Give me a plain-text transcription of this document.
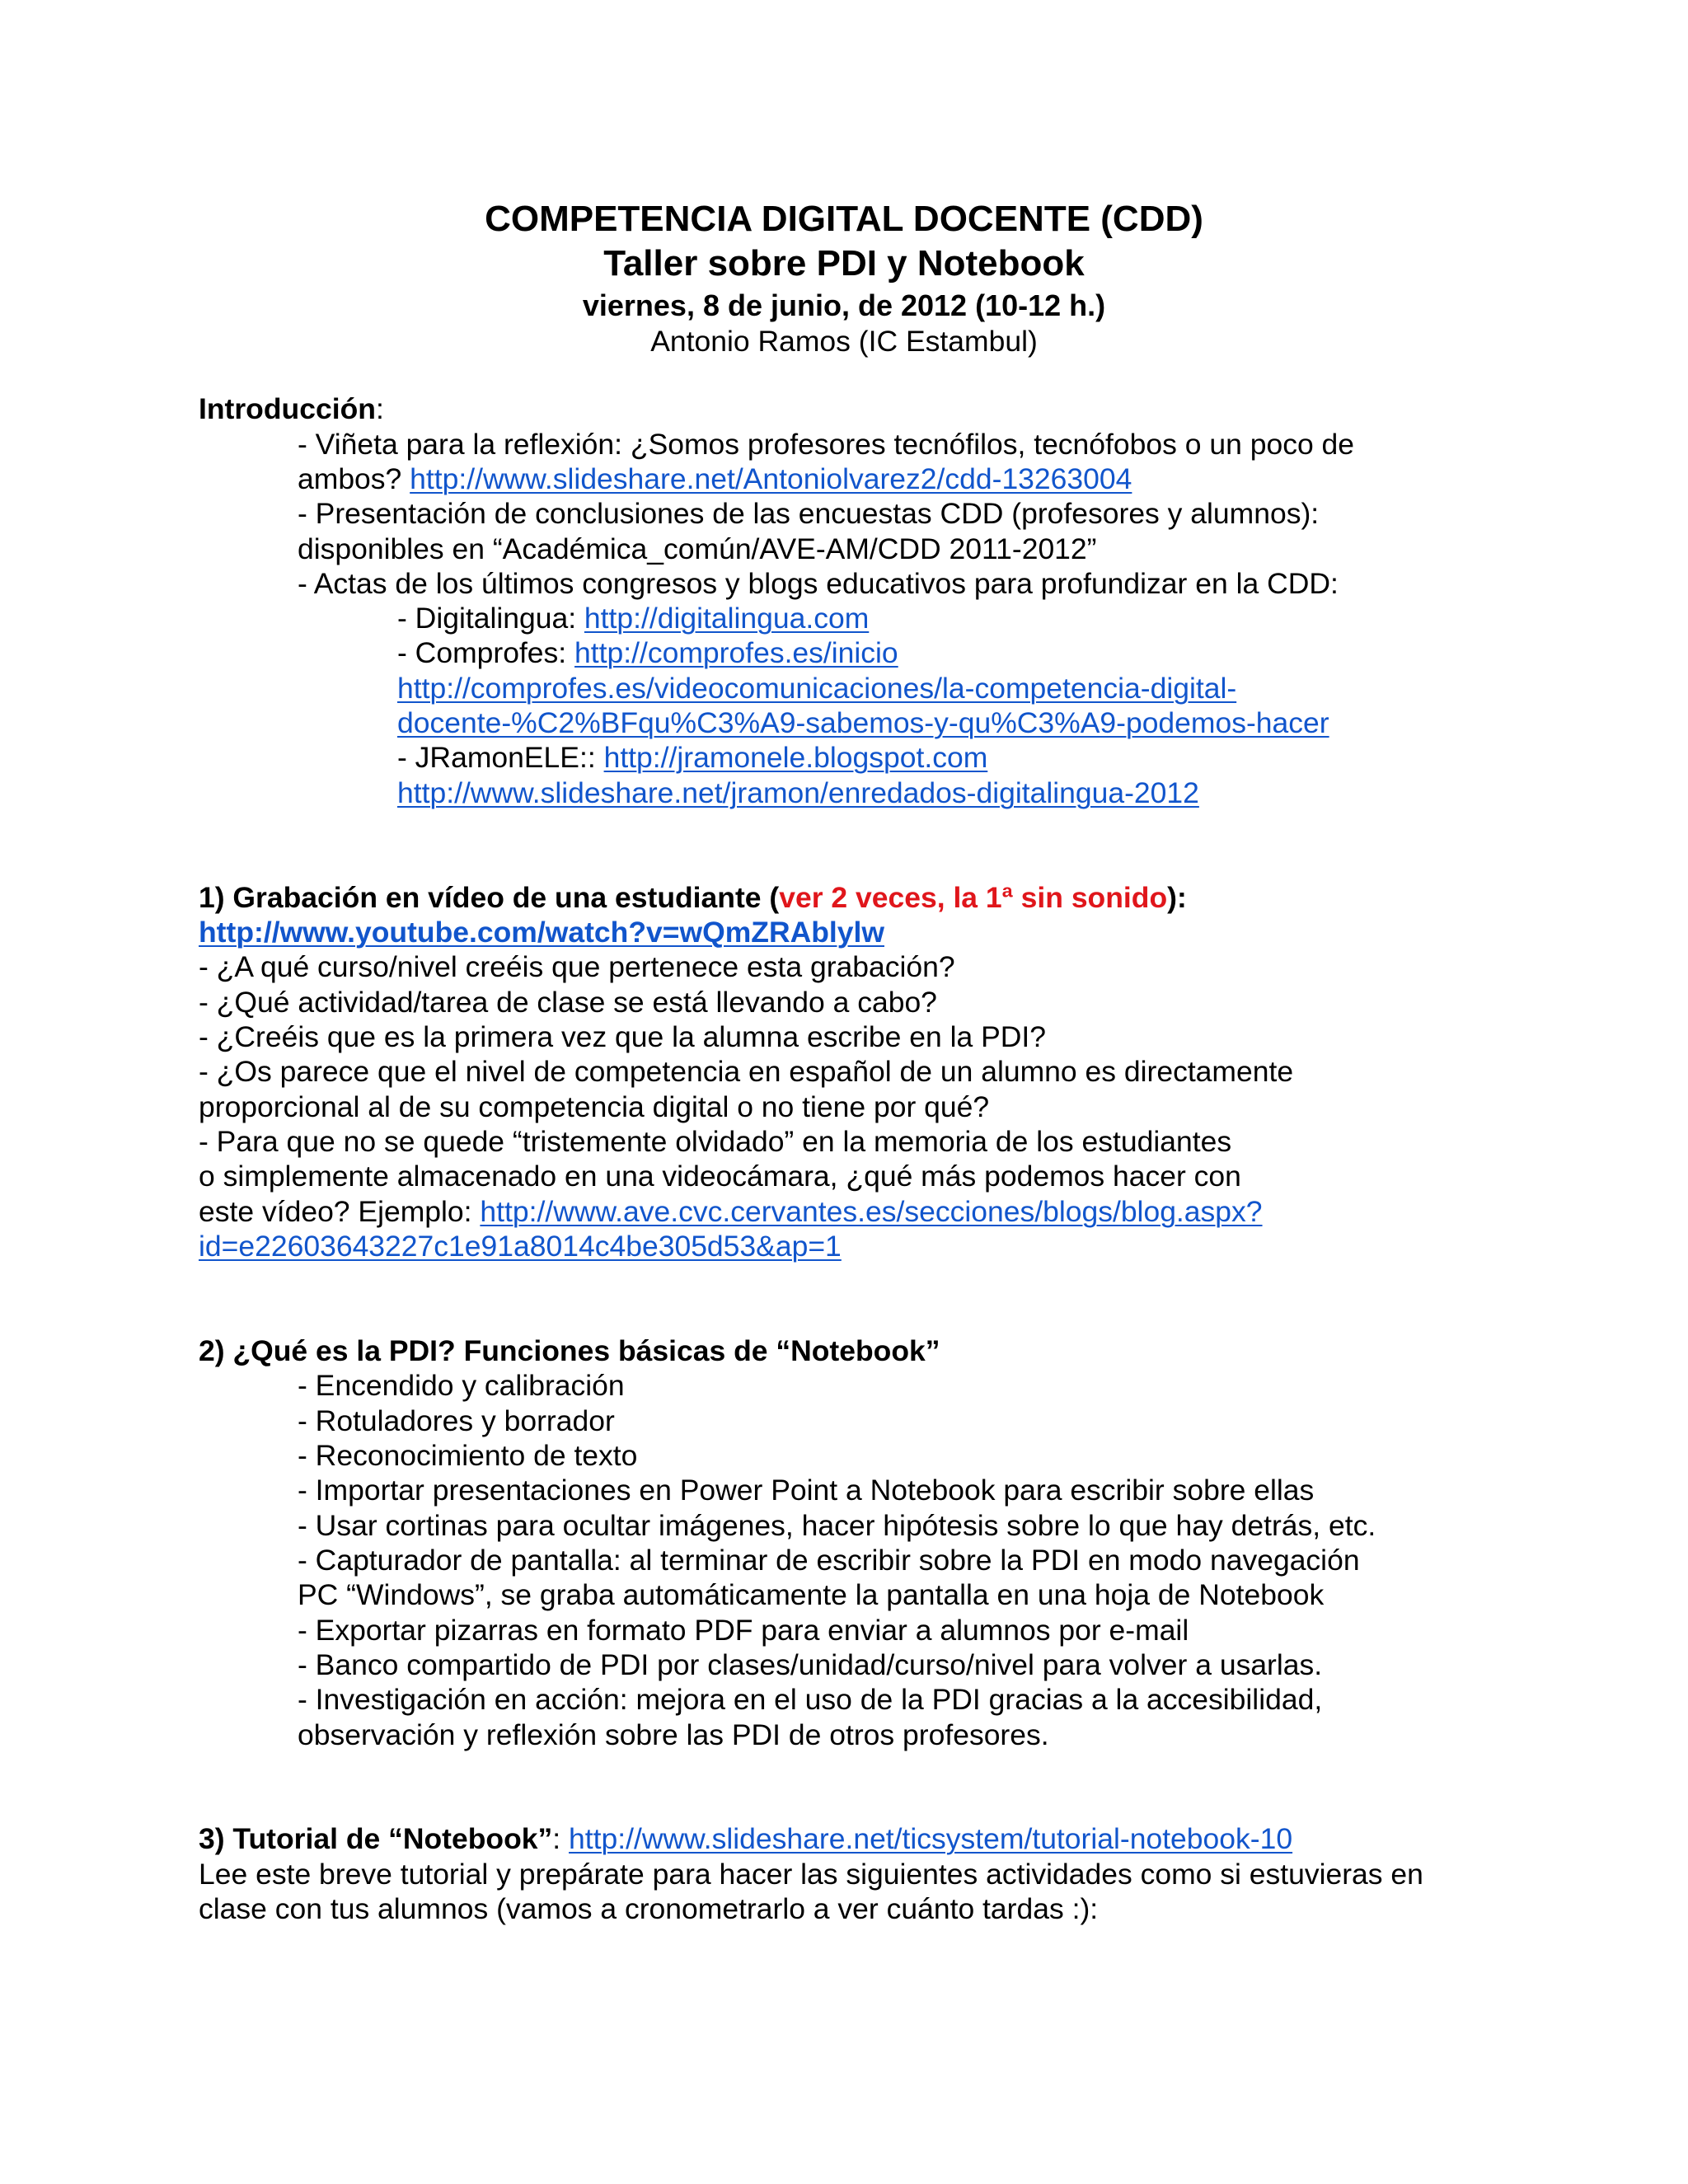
COMPETENCIA DIGITAL DOCENTE (CDD)
Taller sobre PDI y Notebook
viernes, 8 de junio, de 2012 (10-12 h.)
Antonio Ramos (IC Estambul)
Introducción:
- Viñeta para la reflexión: ¿Somos profesores tecnófilos, tecnófobos o un poco de
ambos? http://www.slideshare.net/Antoniolvarez2/cdd-13263004
- Presentación de conclusiones de las encuestas CDD (profesores y alumnos):
disponibles en “Académica_común/AVE-AM/CDD 2011-2012”
- Actas de los últimos congresos y blogs educativos para profundizar en la CDD:
- Digitalingua: http://digitalingua.com
- Comprofes: http://comprofes.es/inicio
http://comprofes.es/videocomunicaciones/la-competencia-digital-
docente-%C2%BFqu%C3%A9-sabemos-y-qu%C3%A9-podemos-hacer
- JRamonELE:: http://jramonele.blogspot.com
http://www.slideshare.net/jramon/enredados-digitalingua-2012
1) Grabación en vídeo de una estudiante (ver 2 veces, la 1ª sin sonido):
http://www.youtube.com/watch?v=wQmZRAblylw
- ¿A qué curso/nivel creéis que pertenece esta grabación?
- ¿Qué actividad/tarea de clase se está llevando a cabo?
- ¿Creéis que es la primera vez que la alumna escribe en la PDI?
- ¿Os parece que el nivel de competencia en español de un alumno es directamente
proporcional al de su competencia digital o no tiene por qué?
- Para que no se quede “tristemente olvidado” en la memoria de los estudiantes
o simplemente almacenado en una videocámara, ¿qué más podemos hacer con
este vídeo? Ejemplo: http://www.ave.cvc.cervantes.es/secciones/blogs/blog.aspx?
id=e22603643227c1e91a8014c4be305d53&ap=1
2) ¿Qué es la PDI? Funciones básicas de “Notebook”
- Encendido y calibración
- Rotuladores y borrador
- Reconocimiento de texto
- Importar presentaciones en Power Point a Notebook para escribir sobre ellas
- Usar cortinas para ocultar imágenes, hacer hipótesis sobre lo que hay detrás, etc.
- Capturador de pantalla: al terminar de escribir sobre la PDI en modo navegación
PC “Windows”, se graba automáticamente la pantalla en una hoja de Notebook
- Exportar pizarras en formato PDF para enviar a alumnos por e-mail
- Banco compartido de PDI por clases/unidad/curso/nivel para volver a usarlas.
- Investigación en acción: mejora en el uso de la PDI gracias a la accesibilidad,
observación y reflexión sobre las PDI de otros profesores.
3) Tutorial de “Notebook”: http://www.slideshare.net/ticsystem/tutorial-notebook-10
Lee este breve tutorial y prepárate para hacer las siguientes actividades como si estuvieras en
clase con tus alumnos (vamos a cronometrarlo a ver cuánto tardas :):
